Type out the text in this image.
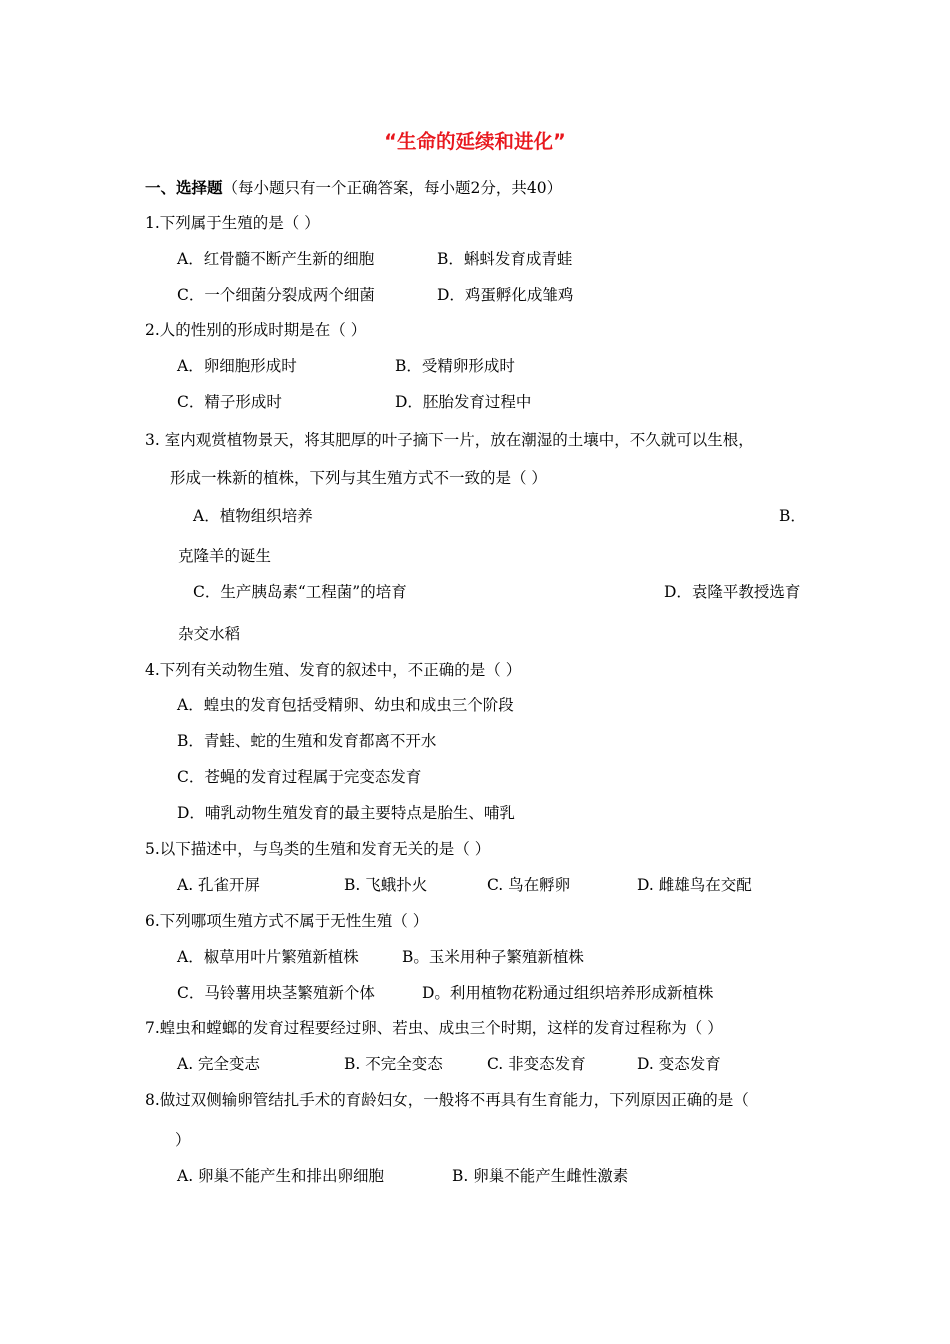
“生命的延续和进化”
一、选择题（每小题只有一个正确答案，每小题2分，共40）
1.下列属于生殖的是（ ）
A．红骨髓不断产生新的细胞	B．蝌蚪发育成青蛙
C．一个细菌分裂成两个细菌	D．鸡蛋孵化成雏鸡
2.人的性别的形成时期是在（ ）
A．卵细胞形成时	B．受精卵形成时
C．精子形成时	D．胚胎发育过程中
3. 室内观赏植物景天，将其肥厚的叶子摘下一片，放在潮湿的土壤中，不久就可以生根，
形成一株新的植株，下列与其生殖方式不一致的是（ ）
A．植物组织培养	B．
克隆羊的诞生
C．生产胰岛素“工程菌”的培育	D．袁隆平教授选育
杂交水稻
4.下列有关动物生殖、发育的叙述中，不正确的是（ ）
A．蝗虫的发育包括受精卵、幼虫和成虫三个阶段
B．青蛙、蛇的生殖和发育都离不开水
C．苍蝇的发育过程属于完变态发育
D．哺乳动物生殖发育的最主要特点是胎生、哺乳
5.以下描述中，与鸟类的生殖和发育无关的是（ ）
A. 孔雀开屏	B. 飞蛾扑火	C. 鸟在孵卵	D. 雌雄鸟在交配
6.下列哪项生殖方式不属于无性生殖（ ）
A．椒草用叶片繁殖新植株	B。玉米用种子繁殖新植株
C．马铃薯用块茎繁殖新个体	D。利用植物花粉通过组织培养形成新植株
7.蝗虫和螳螂的发育过程要经过卵、若虫、成虫三个时期，这样的发育过程称为（ ）
A. 完全变志	B. 不完全变态	C. 非变态发育	D. 变态发育
8.做过双侧输卵管结扎手术的育龄妇女，一般将不再具有生育能力，下列原因正确的是（
）
A. 卵巢不能产生和排出卵细胞	B. 卵巢不能产生雌性激素
